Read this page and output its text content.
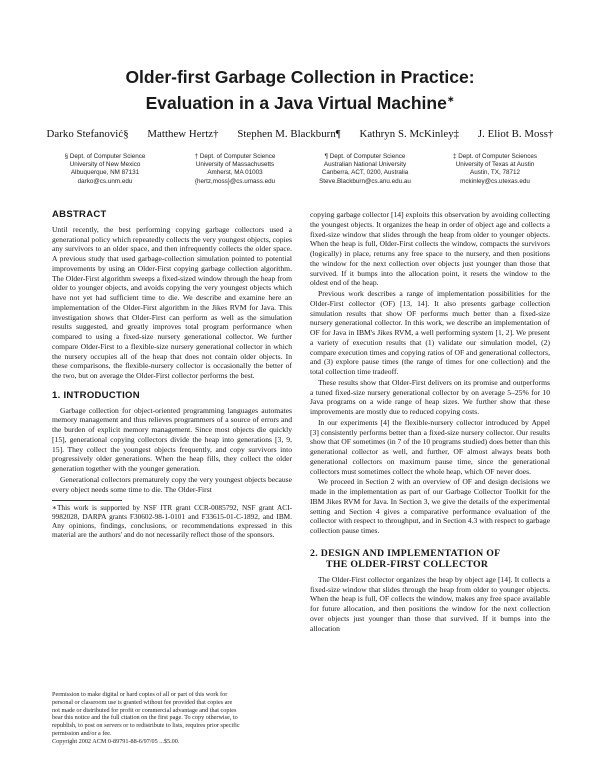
Older-first Garbage Collection in Practice:
Evaluation in a Java Virtual Machine∗
Darko Stefanović§ Matthew Hertz† Stephen M. Blackburn¶ Kathryn S. McKinley‡ J. Eliot B. Moss†
§ Dept. of Computer Science
University of New Mexico
Albuquerque, NM 87131
darko@cs.unm.edu
† Dept. of Computer Science
University of Massachusetts
Amherst, MA 01003
{hertz,moss}@cs.umass.edu
¶ Dept. of Computer Science
Australian National University
Canberra, ACT, 0200, Australia
Steve.Blackburn@cs.anu.edu.au
‡ Dept. of Computer Sciences
University of Texas at Austin
Austin, TX, 78712
mckinley@cs.utexas.edu
ABSTRACT

Until recently, the best performing copying garbage collectors used a generational policy which repeatedly collects the very youngest objects, copies any survivors to an older space, and then infrequently collects the older space. A previous study that used garbage-collection simulation pointed to potential improvements by using an Older-First copying garbage collection algorithm. The Older-First algorithm sweeps a fixed-sized window through the heap from older to younger objects, and avoids copying the very youngest objects which have not yet had sufficient time to die. We describe and examine here an implementation of the Older-First algorithm in the Jikes RVM for Java. This investigation shows that Older-First can perform as well as the simulation results suggested, and greatly improves total program performance when compared to using a fixed-size nursery generational collector. We further compare Older-First to a flexible-size nursery generational collector in which the nursery occupies all of the heap that does not contain older objects. In these comparisons, the flexible-nursery collector is occasionally the better of the two, but on average the Older-First collector performs the best.

1. INTRODUCTION

Garbage collection for object-oriented programming languages automates memory management and thus relieves programmers of a source of errors and the burden of explicit memory management. Since most objects die quickly [15], generational copying collectors divide the heap into generations [3, 9, 15]. They collect the youngest objects frequently, and copy survivors into progressively older generations. When the heap fills, they collect the older generation together with the younger generation.

Generational collectors prematurely copy the very youngest objects because every object needs some time to die. The Older-First

∗This work is supported by NSF ITR grant CCR-0085792, NSF grant ACI-9982028, DARPA grants F30602-98-1-0101 and F33615-01-C-1892, and IBM. Any opinions, findings, conclusions, or recommendations expressed in this material are the authors' and do not necessarily reflect those of the sponsors.
Permission to make digital or hard copies of all or part of this work for
personal or classroom use is granted without fee provided that copies are
not made or distributed for profit or commercial advantage and that copies
bear this notice and the full citation on the first page. To copy otherwise, to
republish, to post on servers or to redistribute to lists, requires prior specific
permission and/or a fee.
Copyright 2002 ACM 0-89791-88-6/97/05 ...$5.00.

copying garbage collector [14] exploits this observation by avoiding collecting the youngest objects. It organizes the heap in order of object age and collects a fixed-size window that slides through the heap from older to younger objects. When the heap is full, Older-First collects the window, compacts the survivors (logically) in place, returns any free space to the nursery, and then positions the window for the next collection over objects just younger than those that survived. If it bumps into the allocation point, it resets the window to the oldest end of the heap.

Previous work describes a range of implementation possibilities for the Older-First collector (OF) [13, 14]. It also presents garbage collection simulation results that show OF performs much better than a fixed-size nursery generational collector. In this work, we describe an implementation of OF for Java in IBM's Jikes RVM, a well performing system [1, 2]. We present a variety of execution results that (1) validate our simulation model, (2) compare execution times and copying ratios of OF and generational collectors, and (3) explore pause times (the range of times for one collection) and the total collection time tradeoff.

These results show that Older-First delivers on its promise and outperforms a tuned fixed-size nursery generational collector by on average 5–25% for 10 Java programs on a wide range of heap sizes. We further show that these improvements are mostly due to reduced copying costs.

In our experiments [4] the flexible-nursery collector introduced by Appel [3] consistently performs better than a fixed-size nursery collector. Our results show that OF sometimes (in 7 of the 10 programs studied) does better than this generational collector as well, and further, OF almost always beats both generational collectors on maximum pause time, since the generational collectors must sometimes collect the whole heap, which OF never does.

We proceed in Section 2 with an overview of OF and design decisions we made in the implementation as part of our Garbage Collector Toolkit for the IBM Jikes RVM for Java. In Section 3, we give the details of the experimental setting and Section 4 gives a comparative performance evaluation of the collector with respect to throughput, and in Section 4.3 with respect to garbage collection pause times.

2. DESIGN AND IMPLEMENTATION OF
THE OLDER-FIRST COLLECTOR

The Older-First collector organizes the heap by object age [14]. It collects a fixed-size window that slides through the heap from older to younger objects. When the heap is full, OF collects the window, makes any free space available for future allocation, and then positions the window for the next collection over objects just younger than those that survived. If it bumps into the allocation
